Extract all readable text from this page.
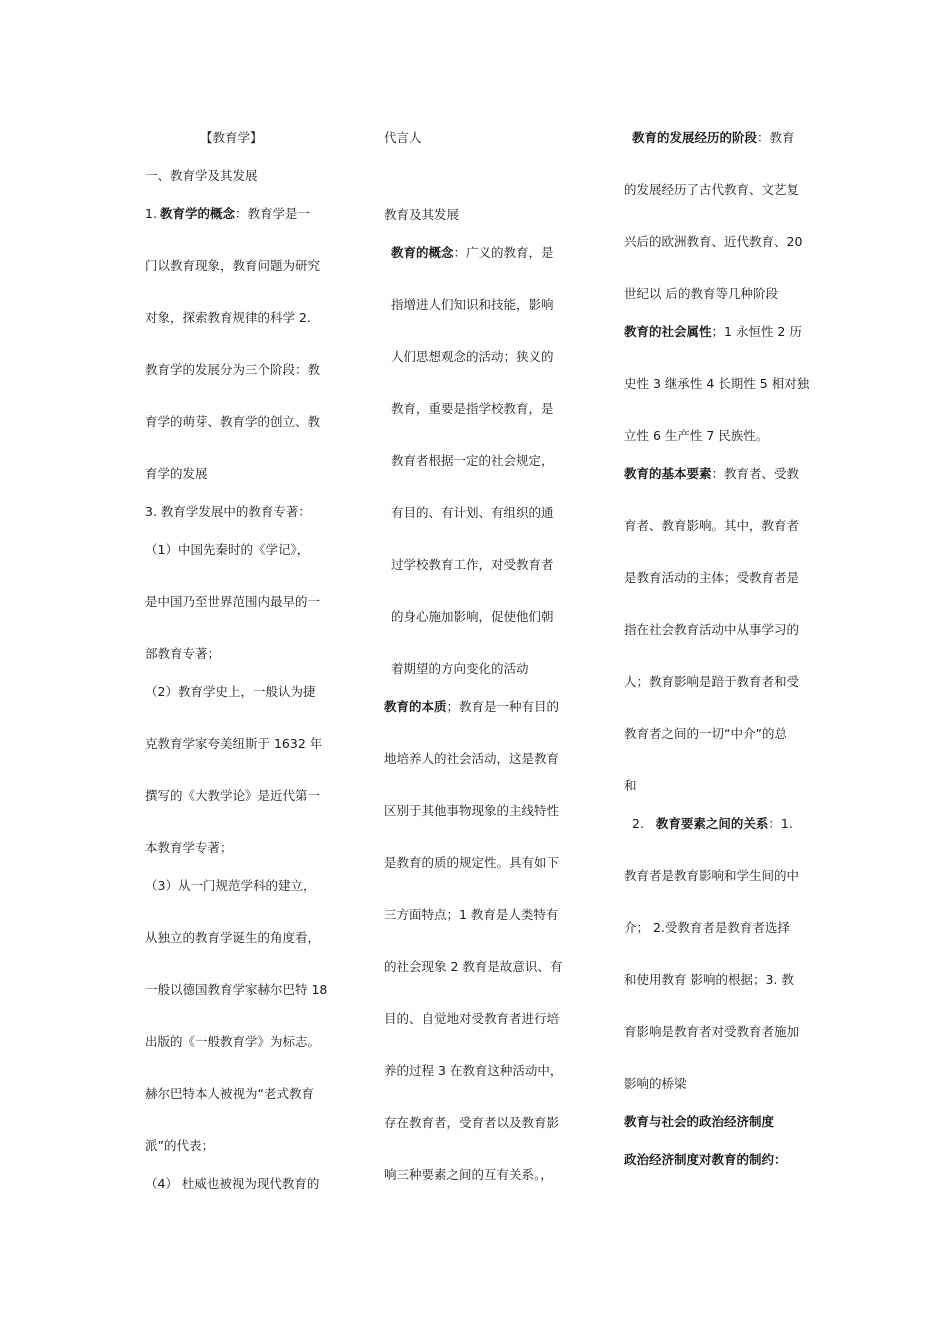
【教育学】
一、教育学及其发展
1. 教育学的概念：教育学是一
门以教育现象，教育问题为研究
对象，探索教育规律的科学 2.
教育学的发展分为三个阶段：教
育学的萌芽、教育学的创立、教
育学的发展
3. 教育学发展中的教育专著：
（1）中国先秦时的《学记》，
是中国乃至世界范围内最早的一
部教育专著；
（2）教育学史上，一般认为捷
克教育学家夸美纽斯于 1632 年
撰写的《大教学论》是近代第一
本教育学专著；
（3）从一门规范学科的建立，
从独立的教育学诞生的角度看，
一般以德国教育学家赫尔巴特 18
出版的《一般教育学》为标志。
赫尔巴特本人被视为“老式教育
派”的代表；
（4） 杜威也被视为现代教育的
代言人
教育及其发展
教育的概念：广义的教育，是
指增进人们知识和技能，影响
人们思想观念的活动；狭义的
教育，重要是指学校教育，是
教育者根据一定的社会规定，
有目的、有计划、有组织的通
过学校教育工作，对受教育者
的身心施加影响，促使他们朝
着期望的方向变化的活动
教育的本质；教育是一种有目的
地培养人的社会活动，这是教育
区别于其他事物现象的主线特性
是教育的质的规定性。具有如下
三方面特点；1 教育是人类特有
的社会现象 2 教育是故意识、有
目的、自觉地对受教育者进行培
养的过程 3 在教育这种活动中，
存在教育者，受育者以及教育影
响三种要素之间的互有关系。，
教育的发展经历的阶段：教育
的发展经历了古代教育、文艺复
兴后的欧洲教育、近代教育、20
世纪以 后的教育等几种阶段
教育的社会属性；1 永恒性 2 历
史性 3 继承性 4 长期性 5 相对独
立性 6 生产性 7 民族性。
教育的基本要素：教育者、受教
育者、教育影响。其中，教育者
是教育活动的主体；受教育者是
指在社会教育活动中从事学习的
人；教育影响是踣于教育者和受
教育者之间的一切“中介”的总
和
2.   教育要素之间的关系：1.
教育者是教育影响和学生间的中
介； 2.受教育者是教育者选择
和使用教育 影响的根据；3. 教
育影响是教育者对受教育者施加
影响的桥梁
教育与社会的政治经济制度
政治经济制度对教育的制约：
